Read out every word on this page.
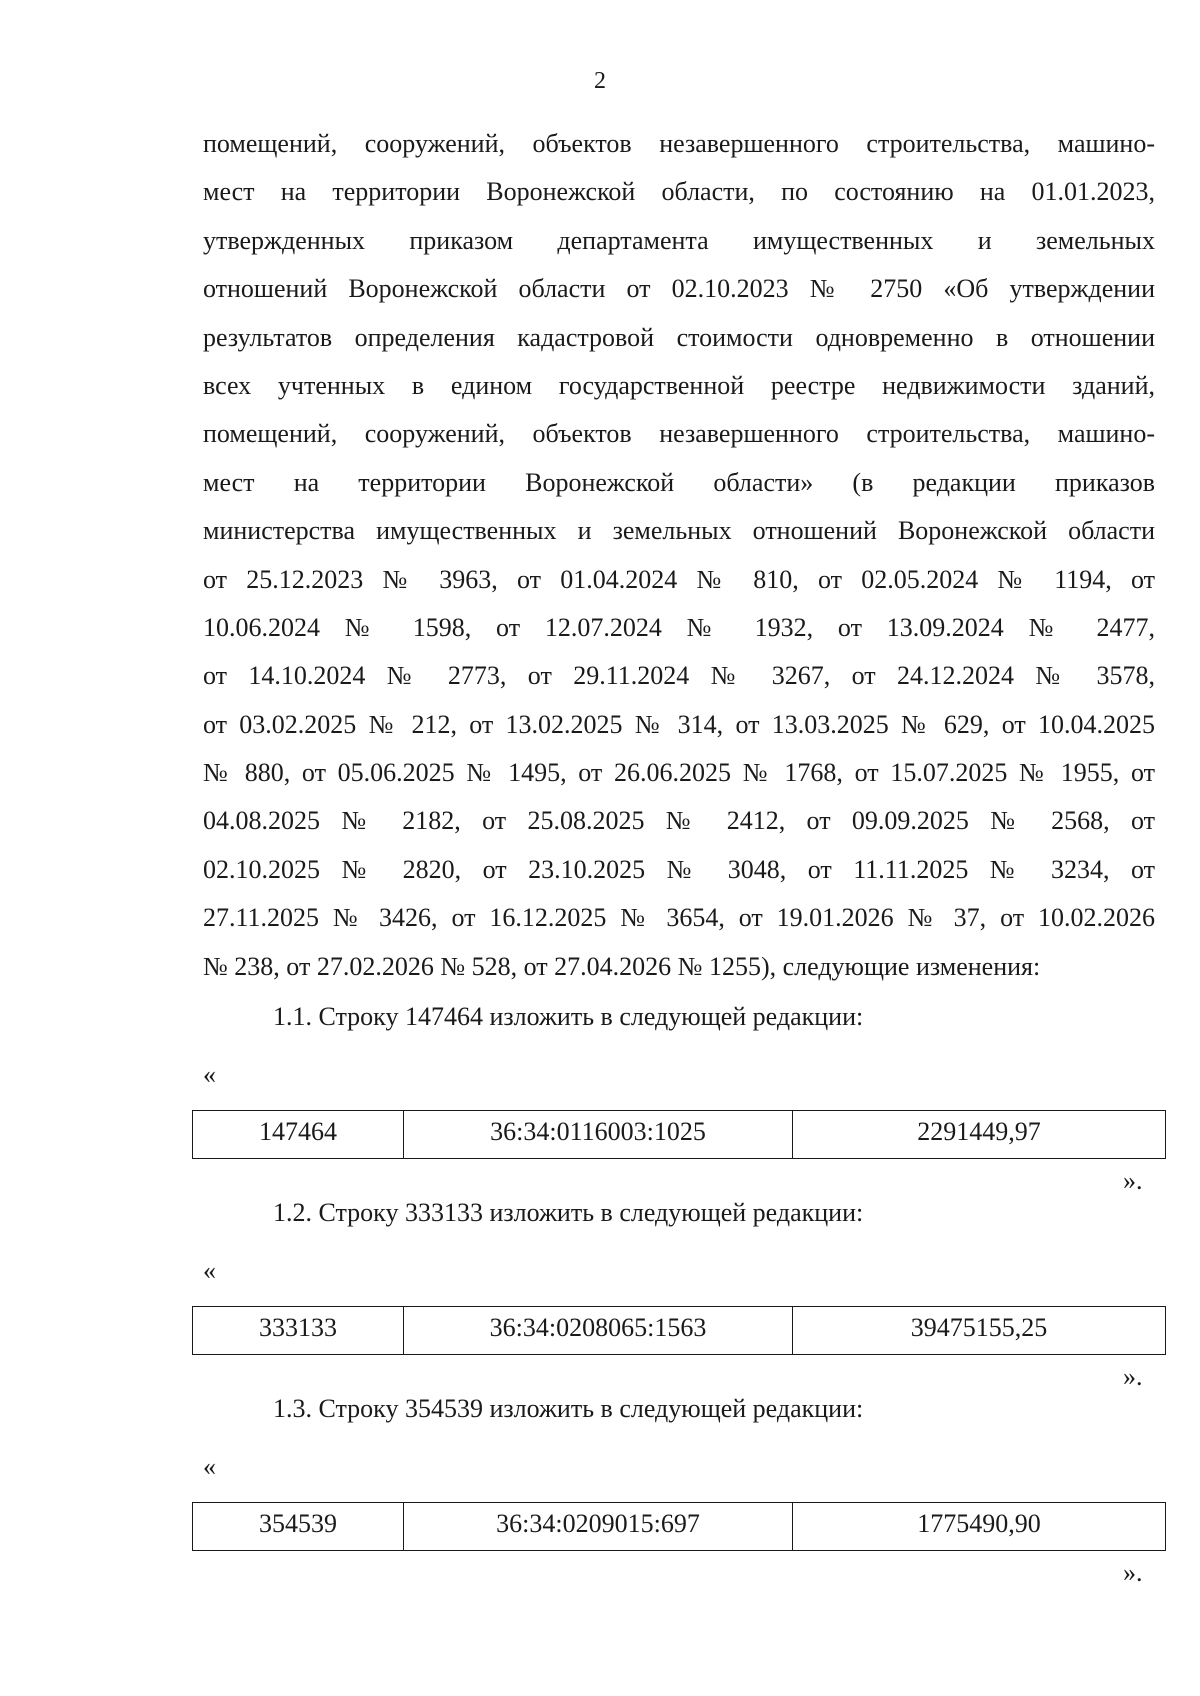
2
помещений, сооружений, объектов незавершенного строительства, машино-
мест на территории Воронежской области, по состоянию на 01.01.2023,
утвержденных приказом департамента имущественных и земельных
отношений Воронежской области от 02.10.2023 № 2750 «Об утверждении
результатов определения кадастровой стоимости одновременно в отношении
всех учтенных в едином государственной реестре недвижимости зданий,
помещений, сооружений, объектов незавершенного строительства, машино-
мест на территории Воронежской области» (в редакции приказов
министерства имущественных и земельных отношений Воронежской области
от 25.12.2023 № 3963, от 01.04.2024 № 810, от 02.05.2024 № 1194, от
10.06.2024 № 1598, от 12.07.2024 № 1932, от 13.09.2024 № 2477,
от 14.10.2024 № 2773, от 29.11.2024 № 3267, от 24.12.2024 № 3578,
от 03.02.2025 № 212, от 13.02.2025 № 314, от 13.03.2025 № 629, от 10.04.2025
№ 880, от 05.06.2025 № 1495, от 26.06.2025 № 1768, от 15.07.2025 № 1955, от
04.08.2025 № 2182, от 25.08.2025 № 2412, от 09.09.2025 № 2568, от
02.10.2025 № 2820, от 23.10.2025 № 3048, от 11.11.2025 № 3234, от
27.11.2025 № 3426, от 16.12.2025 № 3654, от 19.01.2026 № 37, от 10.02.2026
№ 238, от 27.02.2026 № 528, от 27.04.2026 № 1255), следующие изменения:
1.1. Строку 147464 изложить в следующей редакции:
«
147464	36:34:0116003:1025	2291449,97
».
1.2. Строку 333133 изложить в следующей редакции:
«
333133	36:34:0208065:1563	39475155,25
».
1.3. Строку 354539 изложить в следующей редакции:
«
354539	36:34:0209015:697	1775490,90
».
